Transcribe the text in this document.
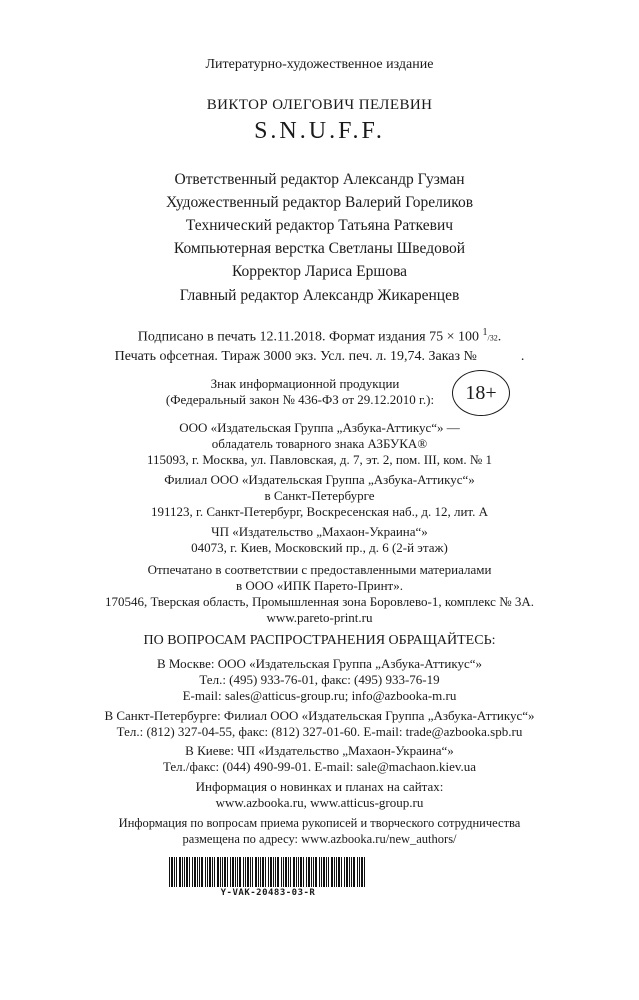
Литературно-художественное издание
ВИКТОР ОЛЕГОВИЧ ПЕЛЕВИН
S.N.U.F.F.
Ответственный редактор Александр Гузман
Художественный редактор Валерий Гореликов
Технический редактор Татьяна Раткевич
Компьютерная верстка Светланы Шведовой
Корректор Лариса Ершова
Главный редактор Александр Жикаренцев
Подписано в печать 12.11.2018. Формат издания 75 × 100 $^1$/32.
Печать офсетная. Тираж 3000 экз. Усл. печ. л. 19,74. Заказ №	.
Знак информационной продукции
(Федеральный закон № 436-ФЗ от 29.12.2010 г.):	18+
ООО «Издательская Группа „Азбука-Аттикус“» —
обладатель товарного знака АЗБУКА®
115093, г. Москва, ул. Павловская, д. 7, эт. 2, пом. III, ком. № 1
Филиал ООО «Издательская Группа „Азбука-Аттикус“»
в Санкт-Петербурге
191123, г. Санкт-Петербург, Воскресенская наб., д. 12, лит. А
ЧП «Издательство „Махаон-Украина“»
04073, г. Киев, Московский пр., д. 6 (2-й этаж)
Отпечатано в соответствии с предоставленными материалами
в ООО «ИПК Парето-Принт».
170546, Тверская область, Промышленная зона Боровлево-1, комплекс № 3А.
www.pareto-print.ru
ПО ВОПРОСАМ РАСПРОСТРАНЕНИЯ ОБРАЩАЙТЕСЬ:
В Москве: ООО «Издательская Группа „Азбука-Аттикус“»
Тел.: (495) 933-76-01, факс: (495) 933-76-19
E-mail: sales@atticus-group.ru; info@azbooka-m.ru
В Санкт-Петербурге: Филиал ООО «Издательская Группа „Азбука-Аттикус“»
Тел.: (812) 327-04-55, факс: (812) 327-01-60. E-mail: trade@azbooka.spb.ru
В Киеве: ЧП «Издательство „Махаон-Украина“»
Тел./факс: (044) 490-99-01. E-mail: sale@machaon.kiev.ua
Информация о новинках и планах на сайтах:
www.azbooka.ru, www.atticus-group.ru
Информация по вопросам приема рукописей и творческого сотрудничества
размещена по адресу: www.azbooka.ru/new_authors/
Y-VAK-20483-03-R
